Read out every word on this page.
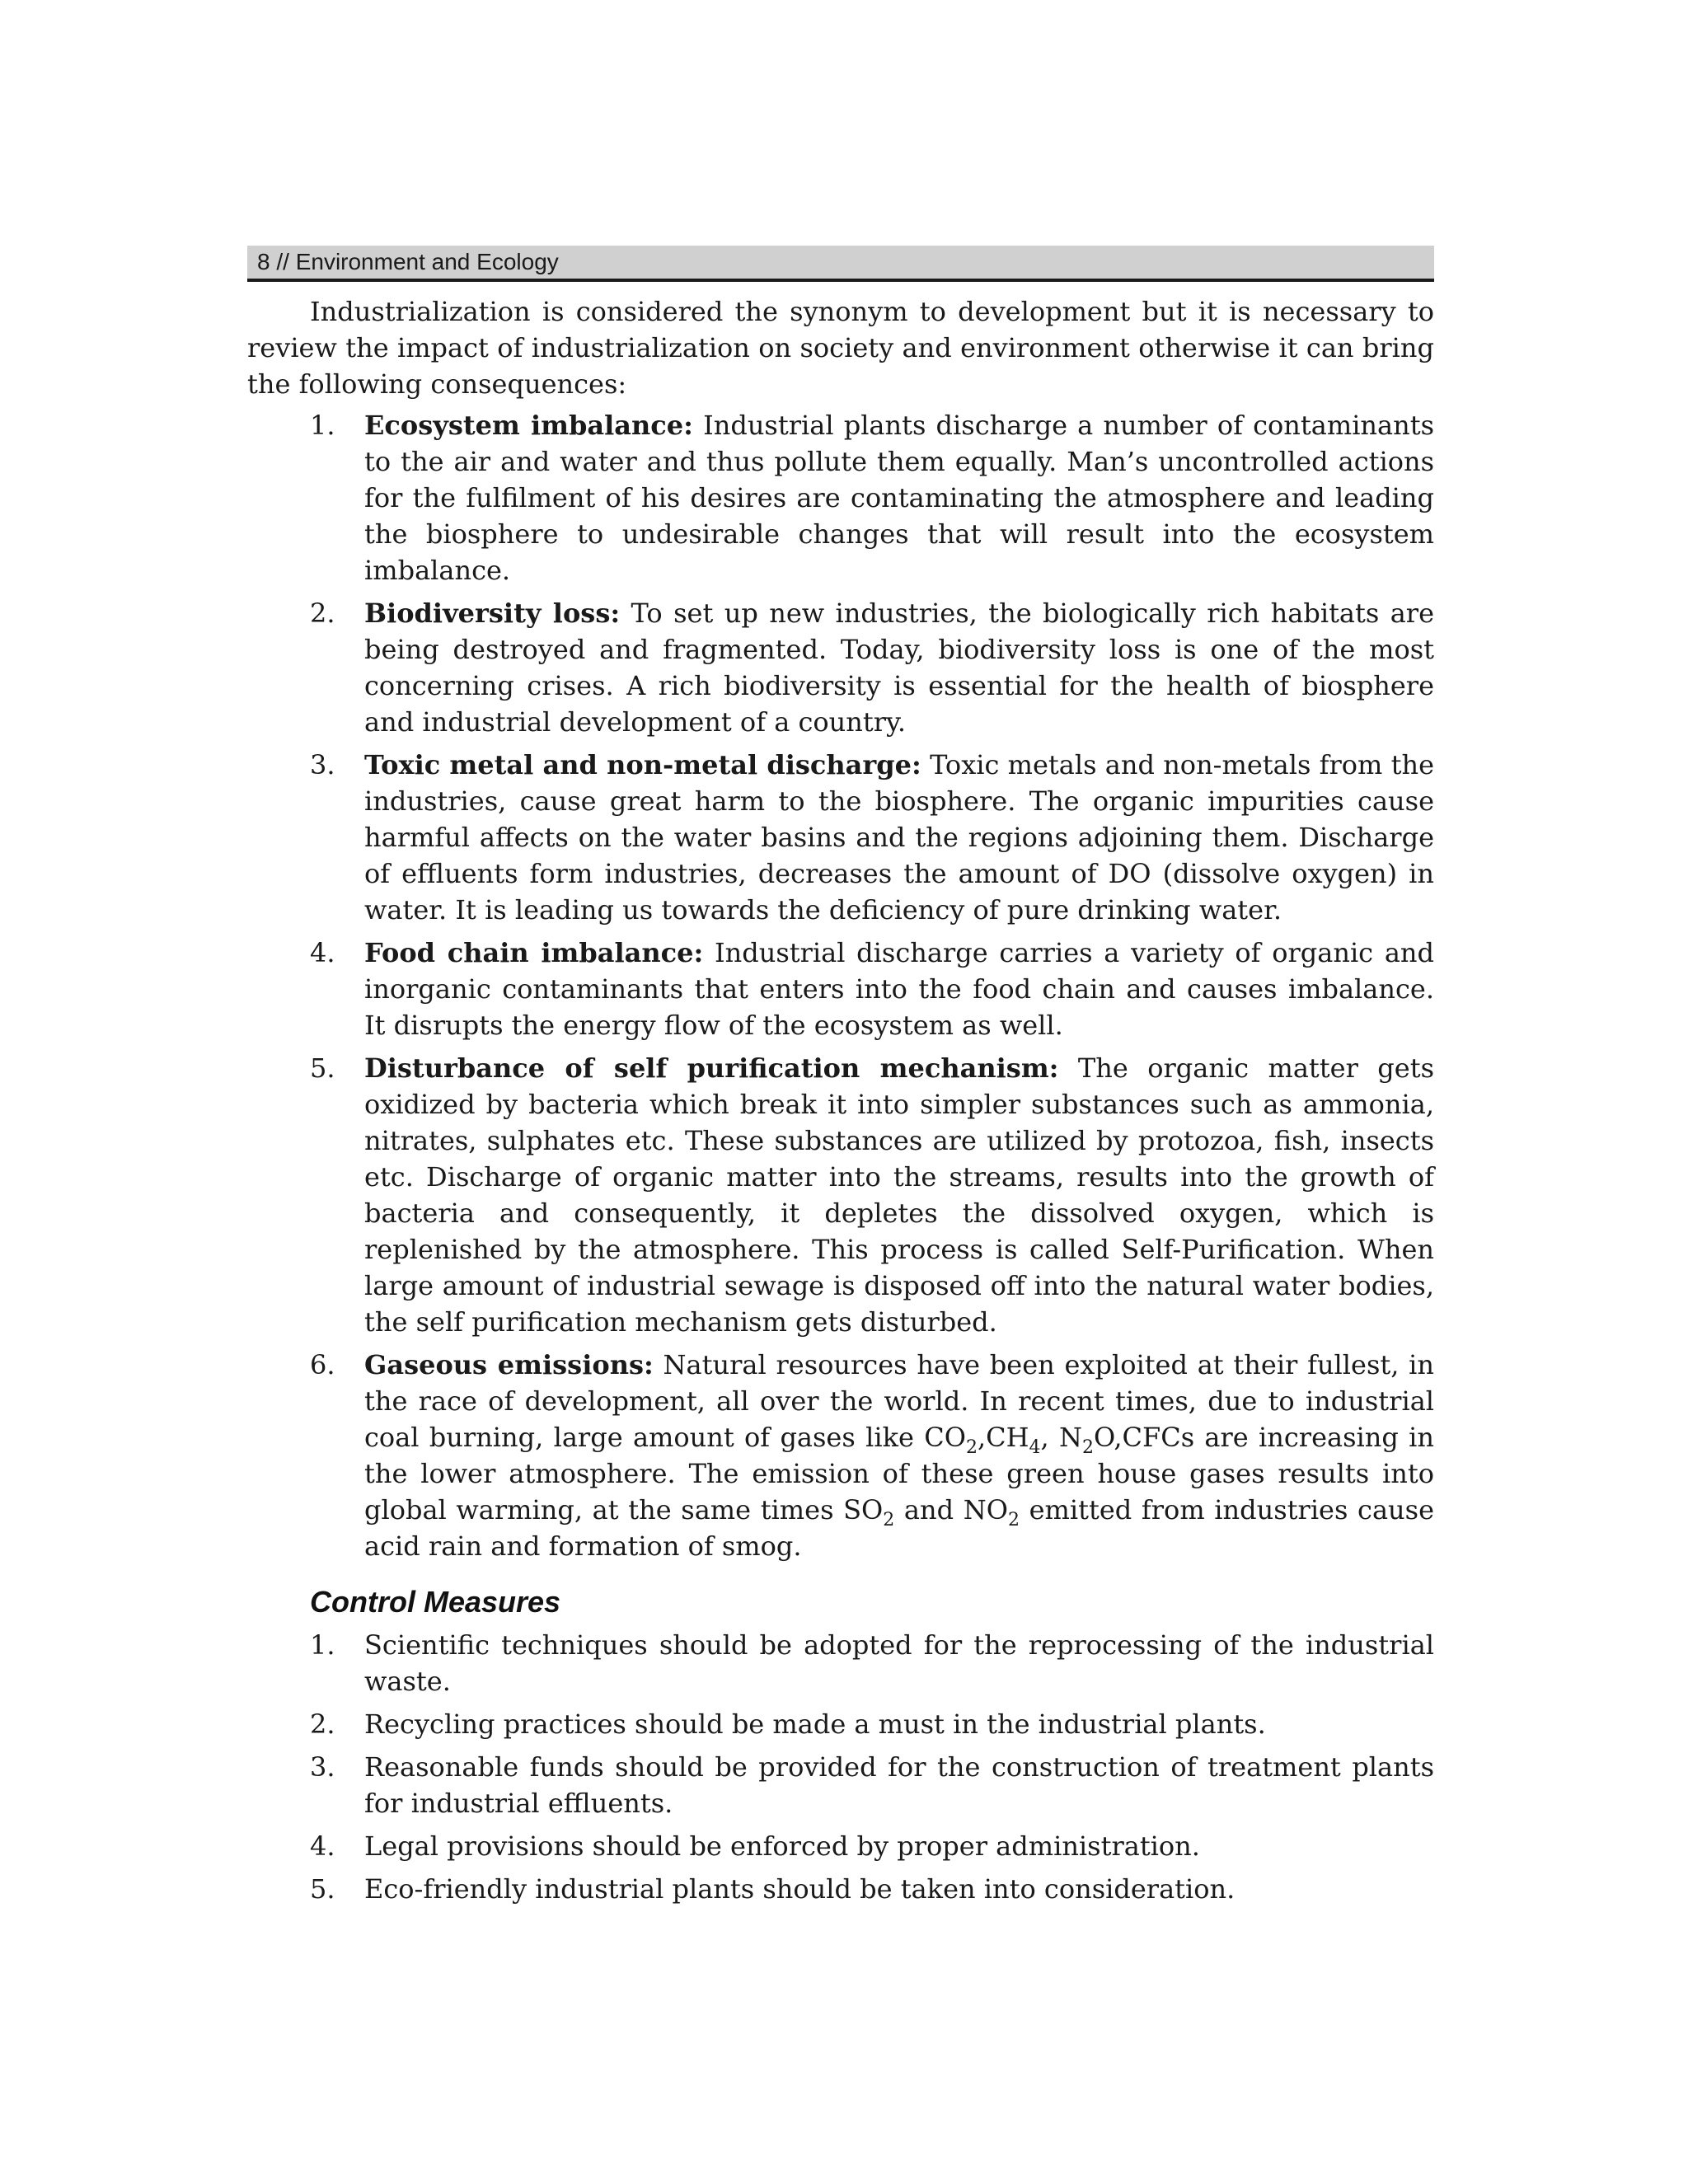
8 // Environment and Ecology

Industrialization is considered the synonym to development but it is necessary to review the impact of industrialization on society and environment otherwise it can bring the following consequences:

1. Ecosystem imbalance: Industrial plants discharge a number of contaminants to the air and water and thus pollute them equally. Man’s uncontrolled actions for the fulfilment of his desires are contaminating the atmosphere and leading the biosphere to undesirable changes that will result into the ecosystem imbalance.
2. Biodiversity loss: To set up new industries, the biologically rich habitats are being destroyed and fragmented. Today, biodiversity loss is one of the most concerning crises. A rich biodiversity is essential for the health of biosphere and industrial development of a country.
3. Toxic metal and non-metal discharge: Toxic metals and non-metals from the industries, cause great harm to the biosphere. The organic impurities cause harmful affects on the water basins and the regions adjoining them. Discharge of effluents form industries, decreases the amount of DO (dissolve oxygen) in water. It is leading us towards the deficiency of pure drinking water.
4. Food chain imbalance: Industrial discharge carries a variety of organic and inorganic contaminants that enters into the food chain and causes imbalance. It disrupts the energy flow of the ecosystem as well.
5. Disturbance of self purification mechanism: The organic matter gets oxidized by bacteria which break it into simpler substances such as ammonia, nitrates, sulphates etc. These substances are utilized by protozoa, fish, insects etc. Discharge of organic matter into the streams, results into the growth of bacteria and consequently, it depletes the dissolved oxygen, which is replenished by the atmosphere. This process is called Self-Purification. When large amount of industrial sewage is disposed off into the natural water bodies, the self purification mechanism gets disturbed.
6. Gaseous emissions: Natural resources have been exploited at their fullest, in the race of development, all over the world. In recent times, due to industrial coal burning, large amount of gases like $CO_2,CH_4$, $N_2O,CFCs$ are increasing in the lower atmosphere. The emission of these green house gases results into global warming, at the same times $SO_2$ and $NO_2$ emitted from industries cause acid rain and formation of smog.
Control Measures
1. Scientific techniques should be adopted for the reprocessing of the industrial waste.
2. Recycling practices should be made a must in the industrial plants.
3. Reasonable funds should be provided for the construction of treatment plants for industrial effluents.
4. Legal provisions should be enforced by proper administration.
5. Eco-friendly industrial plants should be taken into consideration.
